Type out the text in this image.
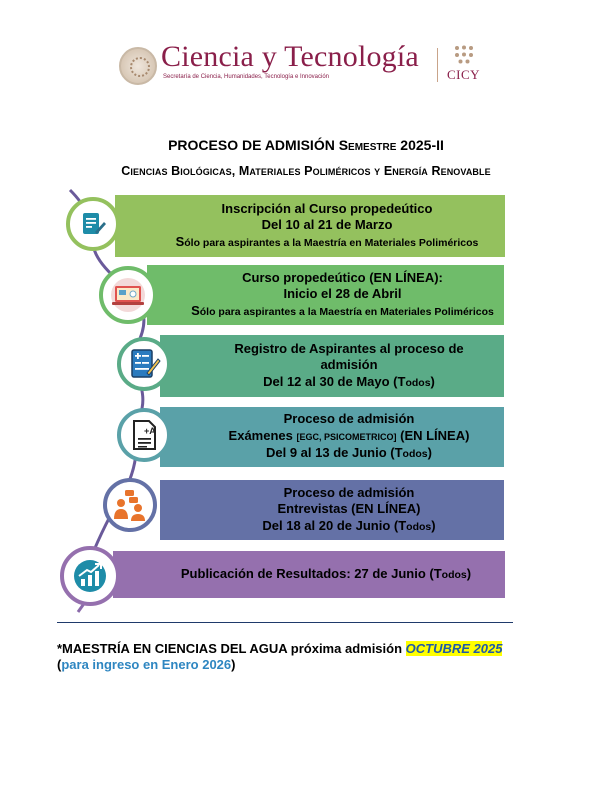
Ciencia y Tecnología
Secretaría de Ciencia, Humanidades, Tecnología e Innovación	CICY
PROCESO DE ADMISIÓN Semestre 2025-II
Ciencias Biológicas, Materiales Poliméricos y Energía Renovable
Inscripción al Curso propedeútico
Del 10 al 21 de Marzo
Sólo para aspirantes a la Maestría en Materiales Poliméricos
Curso propedeútico (EN LÍNEA):
Inicio el 28 de Abril
Sólo para aspirantes a la Maestría en Materiales Poliméricos
Registro de Aspirantes al proceso de
admisión
Del 12 al 30 de Mayo (Todos)
Proceso de admisión
Exámenes [EGC, PSICOMETRICO] (EN LÍNEA)
Del 9 al 13 de Junio (Todos)
+A
Proceso de admisión
Entrevistas (EN LÍNEA)
Del 18 al 20 de Junio (Todos)
Publicación de Resultados: 27 de Junio (Todos)
*MAESTRÍA EN CIENCIAS DEL AGUA próxima admisión OCTUBRE 2025
(para ingreso en Enero 2026)
